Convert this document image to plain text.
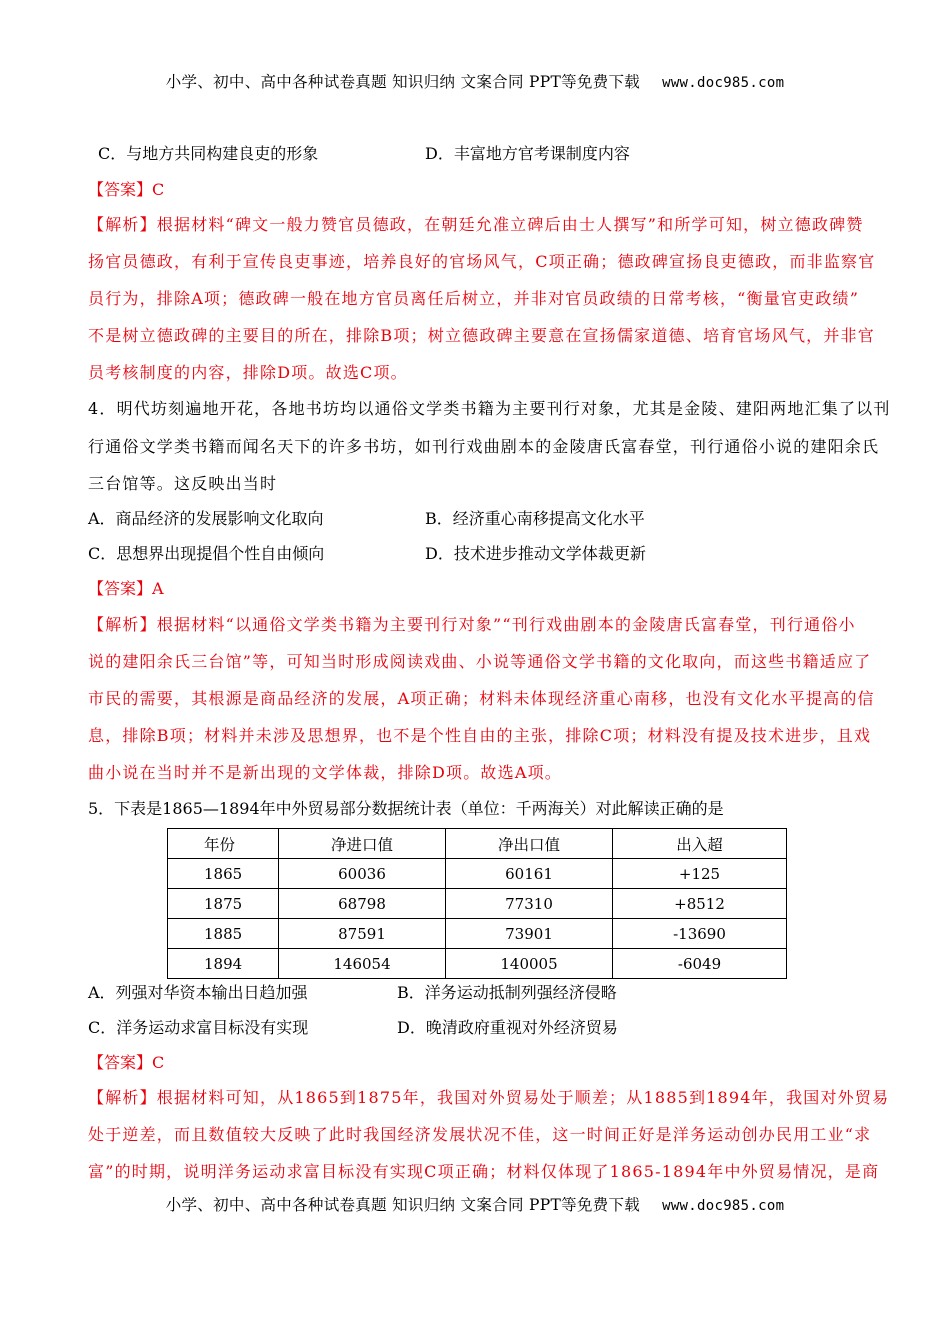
小学、初中、高中各种试卷真题 知识归纳 文案合同 PPT等免费下载 www.doc985.com
C．与地方共同构建良吏的形象	D．丰富地方官考课制度内容
【答案】C
【解析】根据材料“碑文一般力赞官员德政，在朝廷允准立碑后由士人撰写”和所学可知，树立德政碑赞
扬官员德政，有利于宣传良吏事迹，培养良好的官场风气，C项正确；德政碑宣扬良吏德政，而非监察官
员行为，排除A项；德政碑一般在地方官员离任后树立，并非对官员政绩的日常考核，“衡量官吏政绩”
不是树立德政碑的主要目的所在，排除B项；树立德政碑主要意在宣扬儒家道德、培育官场风气，并非官
员考核制度的内容，排除D项。故选C项。
4．明代坊刻遍地开花，各地书坊均以通俗文学类书籍为主要刊行对象，尤其是金陵、建阳两地汇集了以刊
行通俗文学类书籍而闻名天下的许多书坊，如刊行戏曲剧本的金陵唐氏富春堂，刊行通俗小说的建阳余氏
三台馆等。这反映出当时
A．商品经济的发展影响文化取向	B．经济重心南移提高文化水平
C．思想界出现提倡个性自由倾向	D．技术进步推动文学体裁更新
【答案】A
【解析】根据材料“以通俗文学类书籍为主要刊行对象”“刊行戏曲剧本的金陵唐氏富春堂，刊行通俗小
说的建阳余氏三台馆”等，可知当时形成阅读戏曲、小说等通俗文学书籍的文化取向，而这些书籍适应了
市民的需要，其根源是商品经济的发展，A项正确；材料未体现经济重心南移，也没有文化水平提高的信
息，排除B项；材料并未涉及思想界，也不是个性自由的主张，排除C项；材料没有提及技术进步，且戏
曲小说在当时并不是新出现的文学体裁，排除D项。故选A项。
5．下表是1865—1894年中外贸易部分数据统计表（单位：千两海关）对此解读正确的是
年份	净进口值	净出口值	出入超
1865	60036	60161	+125
1875	68798	77310	+8512
1885	87591	73901	-13690
1894	146054	140005	-6049
A．列强对华资本输出日趋加强	B．洋务运动抵制列强经济侵略
C．洋务运动求富目标没有实现	D．晚清政府重视对外经济贸易
【答案】C
【解析】根据材料可知，从1865到1875年，我国对外贸易处于顺差；从1885到1894年，我国对外贸易
处于逆差，而且数值较大反映了此时我国经济发展状况不佳，这一时间正好是洋务运动创办民用工业“求
富”的时期，说明洋务运动求富目标没有实现C项正确；材料仅体现了1865-1894年中外贸易情况，是商
小学、初中、高中各种试卷真题 知识归纳 文案合同 PPT等免费下载 www.doc985.com
